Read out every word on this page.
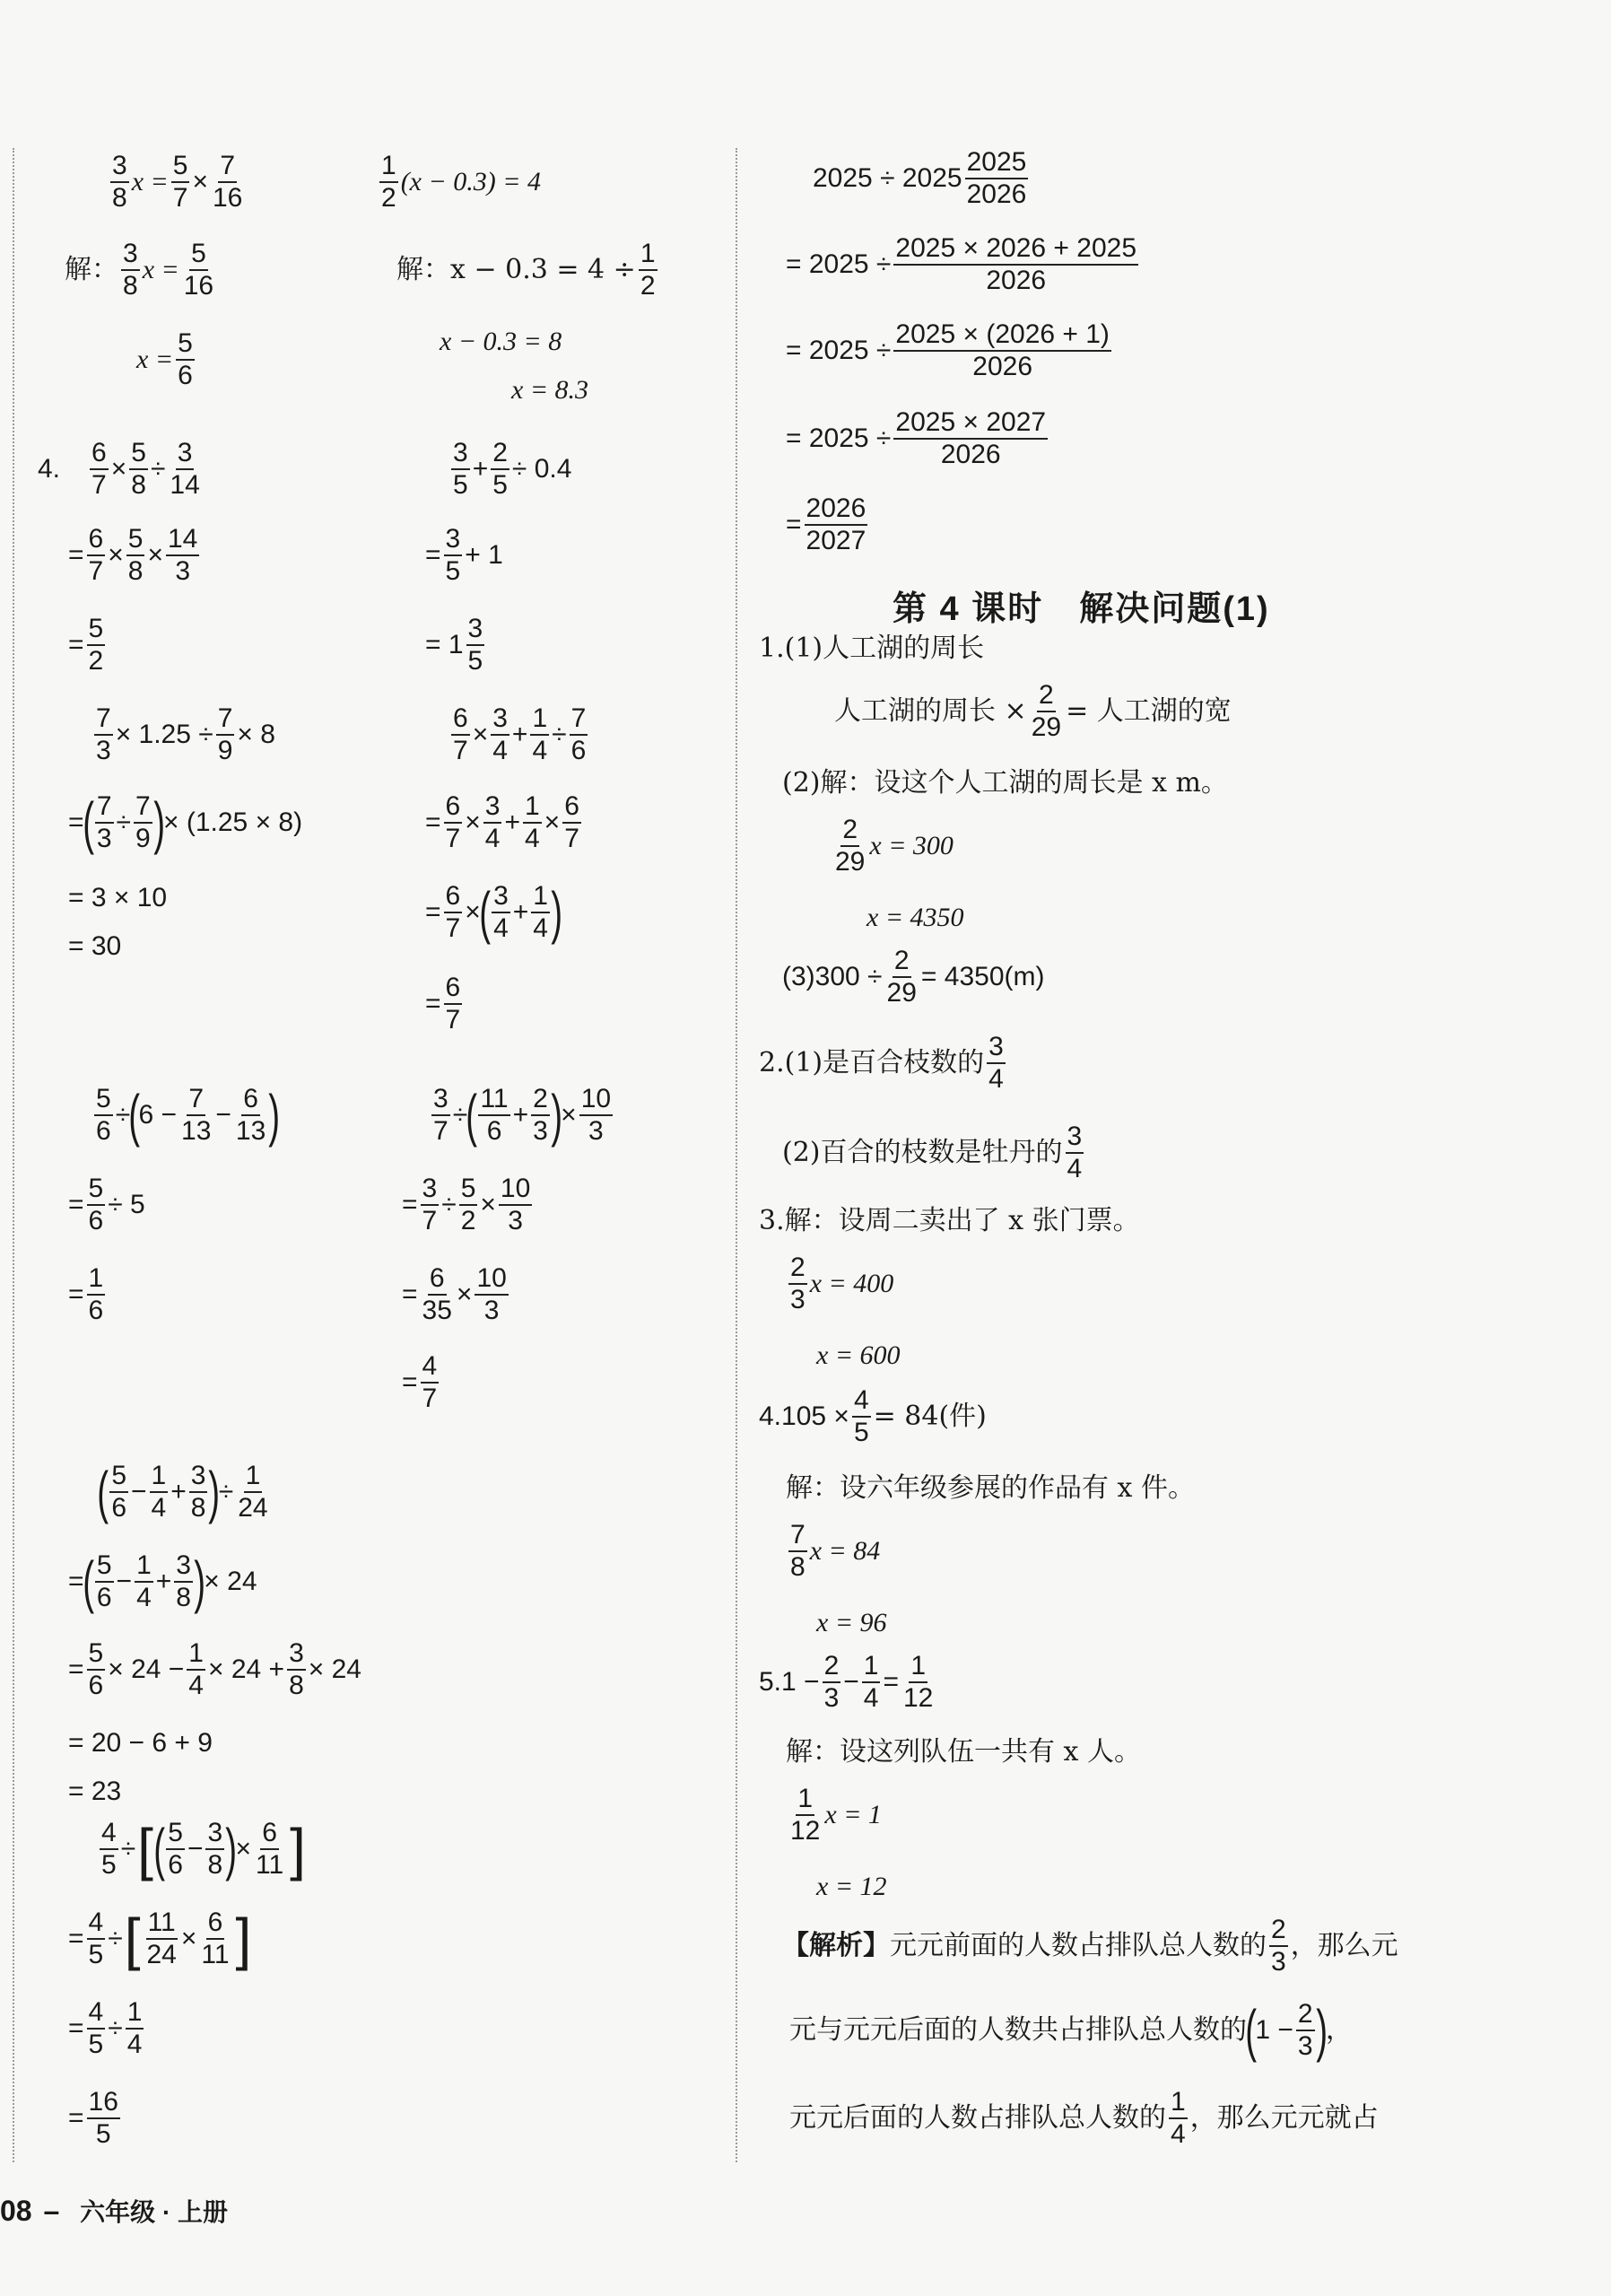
$\frac{3}{8}$ $x = \frac{5}{7} \times \frac{7}{16}$
解： $\frac{3}{8}$ $x = \frac{5}{16}$
$x = \frac{5}{6}$
$\frac{1}{2} (x - 0.3) = 4$
解：$x - 0.3 = 4 \div \frac{1}{2}$
x − 0.3 = 8
x = 8.3
4. $\frac{6}{7} \times \frac{5}{8} \div \frac{3}{14}$
= $\frac{6}{7} \times \frac{5}{8} \times \frac{14}{3}$
= $\frac{5}{2}$
$\frac{3}{5} + \frac{2}{5} \div 0.4$
= $\frac{3}{5} + 1$
= $1 \frac{3}{5}$
$\frac{7}{3} \times 1.25 \div \frac{7}{9} \times 8$
=
( $\frac{7}{3} \div \frac{7}{9}$ )
× (1.25 × 8)
= 3 × 10
= 30
$\frac{6}{7} \times \frac{3}{4} + \frac{1}{4} \div \frac{7}{6}$
= $\frac{6}{7} \times \frac{3}{4} + \frac{1}{4} \times \frac{6}{7}$
= $\frac{6}{7}$ ×
( $\frac{3}{4} + \frac{1}{4}$ )
= $\frac{6}{7}$
$\frac{5}{6}$ ÷
(
$6 - \frac{7}{13} - \frac{6}{13}$ )
= $\frac{5}{6} \div 5$
= $\frac{1}{6}$
$\frac{3}{7}$ ÷
( $\frac{11}{6} + \frac{2}{3}$ )
× $\frac{10}{3}$
= $\frac{3}{7} \div \frac{5}{2} \times \frac{10}{3}$
= $\frac{6}{35} \times \frac{10}{3}$
= $\frac{4}{7}$
( $\frac{5}{6} - \frac{1}{4} + \frac{3}{8}$ )
÷ $\frac{1}{24}$
=
( $\frac{5}{6} - \frac{1}{4} + \frac{3}{8}$ )
× 24
= $\frac{5}{6} \times 24 - \frac{1}{4} \times 24 + \frac{3}{8} \times 24$
= 20 − 6 + 9
= 23
$\frac{4}{5}$ ÷ [ ( $\frac{5}{6} - \frac{3}{8}$ )
× $\frac{6}{11}$ ]
= $\frac{4}{5}$ ÷ [ $\frac{11}{24} \times \frac{6}{11}$ ]
= $\frac{4}{5} \div \frac{1}{4}$
= $\frac{16}{5}$
$2025 \div 2025 \frac{2025}{2026}$
= $2025 \div \frac{2025 \times 2026 + 2025}{2026}$
= $2025 \div \frac{2025 \times (2026 + 1)}{2026}$
= $2025 \div \frac{2025 \times 2027}{2026}$
= $\frac{2026}{2027}$
第 4 课时　解决问题(1)
1.(1)人工湖的周长
人工湖的周长 × $\frac{2}{29}$ = 人工湖的宽
(2)解：设这个人工湖的周长是 x m。
$\frac{2}{29}$ x = 300
x = 4350
$(3)300 \div \frac{2}{29} = 4350(m)$
2.(1)是百合枝数的 $\frac{3}{4}$
(2)百合的枝数是牡丹的 $\frac{3}{4}$
3.解：设周二卖出了 x 张门票。
$\frac{2}{3}$ x = 400
x = 600
$4.105 \times \frac{4}{5} = 84$(件)
解：设六年级参展的作品有 x 件。
$\frac{7}{8}$ x = 84
x = 96
$5.1 - \frac{2}{3} - \frac{1}{4} = \frac{1}{12}$
解：设这列队伍一共有 x 人。
$\frac{1}{12}$ x = 1
x = 12
【解析】 元元前面的人数占排队总人数的 $\frac{2}{3}$ ，那么元
元与元元后面的人数共占排队总人数的
(
$1 - \frac{2}{3}$ )
，
元元后面的人数占排队总人数的 $\frac{1}{4}$ ，那么元元就占
08 – 六年级 · 上册
